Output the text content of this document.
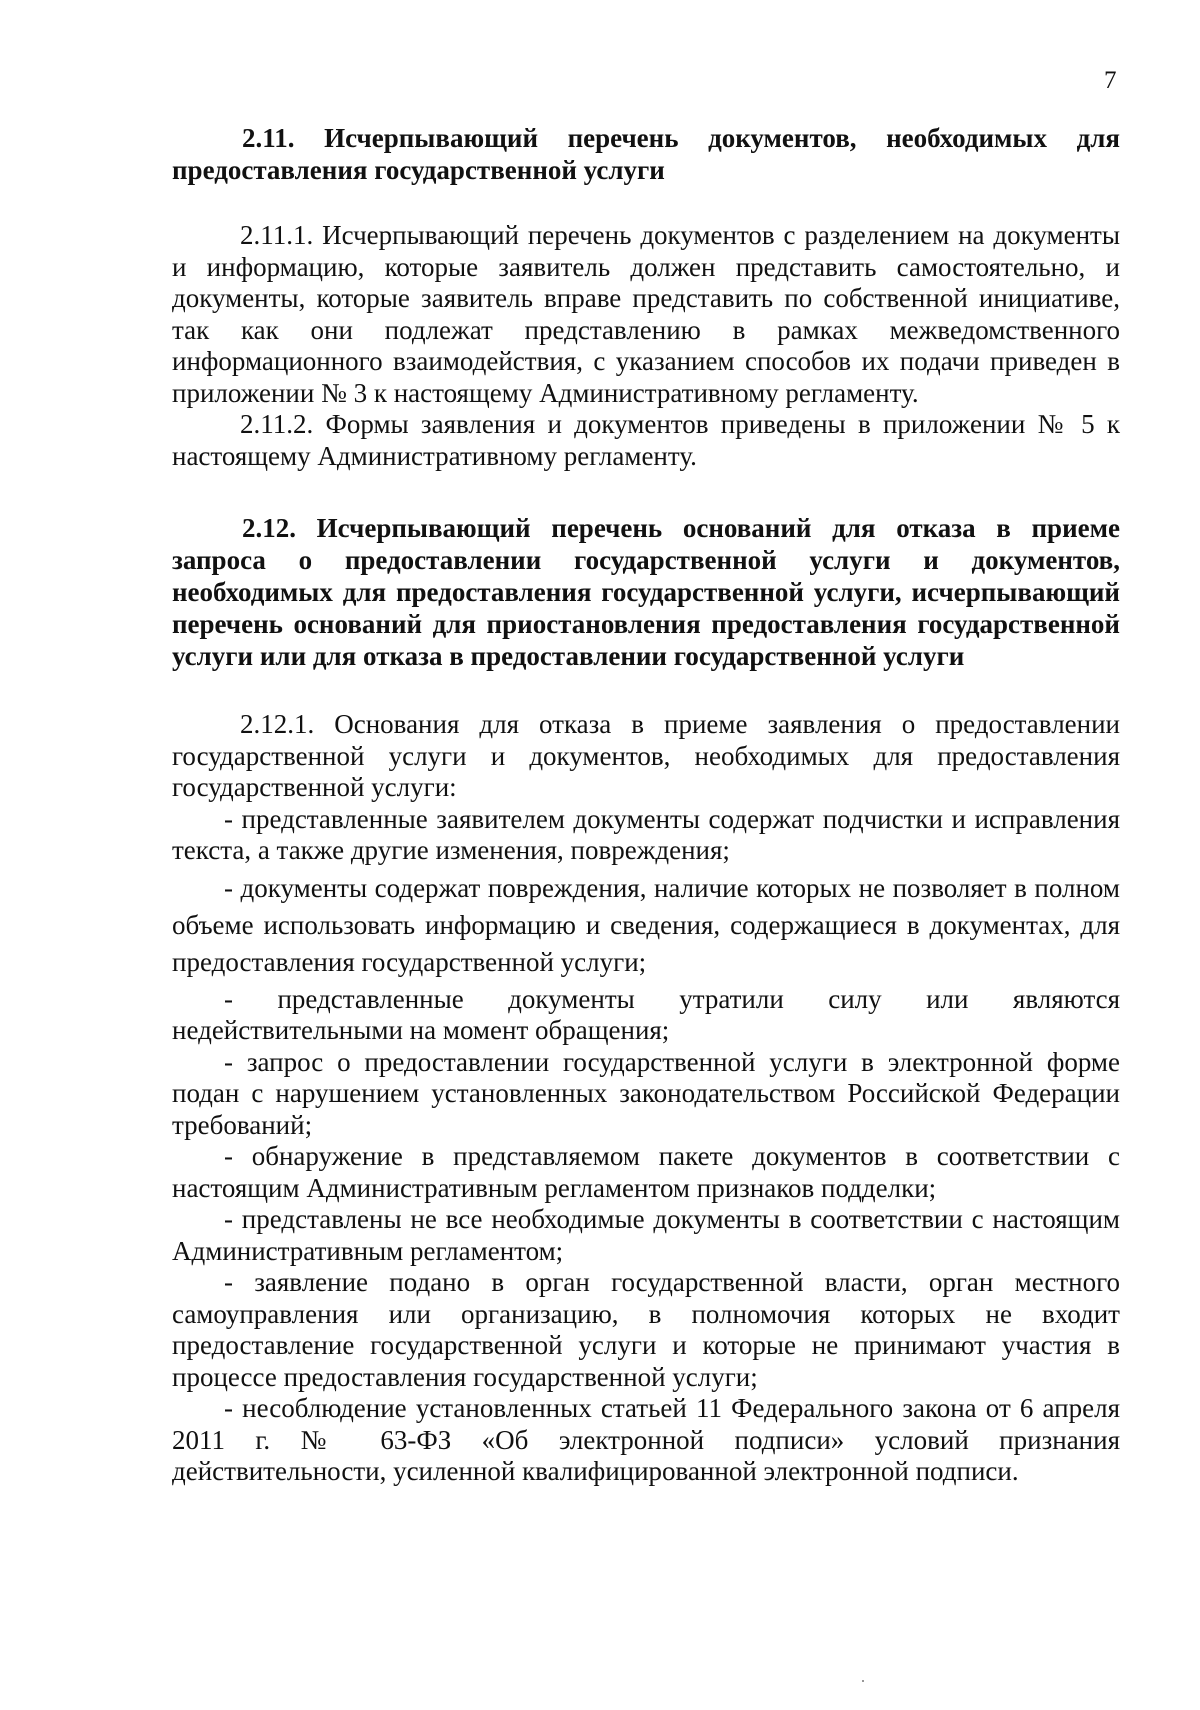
7

2.11. Исчерпывающий перечень документов, необходимых для предоставления государственной услуги

2.11.1. Исчерпывающий перечень документов с разделением на документы и информацию, которые заявитель должен представить самостоятельно, и документы, которые заявитель вправе представить по собственной инициативе, так как они подлежат представлению в рамках межведомственного информационного взаимодействия, с указанием способов их подачи приведен в приложении № 3 к настоящему Административному регламенту.

2.11.2. Формы заявления и документов приведены в приложении № 5 к настоящему Административному регламенту.

2.12. Исчерпывающий перечень оснований для отказа в приеме запроса о предоставлении государственной услуги и документов, необходимых для предоставления государственной услуги, исчерпывающий перечень оснований для приостановления предоставления государственной услуги или для отказа в предоставлении государственной услуги

2.12.1. Основания для отказа в приеме заявления о предоставлении государственной услуги и документов, необходимых для предоставления государственной услуги:

- представленные заявителем документы содержат подчистки и исправления текста, а также другие изменения, повреждения;

- документы содержат повреждения, наличие которых не позволяет в полном объеме использовать информацию и сведения, содержащиеся в документах, для предоставления государственной услуги;

- представленные документы утратили силу или являются недействительными на момент обращения;

- запрос о предоставлении государственной услуги в электронной форме подан с нарушением установленных законодательством Российской Федерации требований;

- обнаружение в представляемом пакете документов в соответствии с настоящим Административным регламентом признаков подделки;

- представлены не все необходимые документы в соответствии с настоящим Административным регламентом;

- заявление подано в орган государственной власти, орган местного самоуправления или организацию, в полномочия которых не входит предоставление государственной услуги и которые не принимают участия в процессе предоставления государственной услуги;

- несоблюдение установленных статьей 11 Федерального закона от 6 апреля 2011 г. № 63-ФЗ «Об электронной подписи» условий признания действительности, усиленной квалифицированной электронной подписи.
